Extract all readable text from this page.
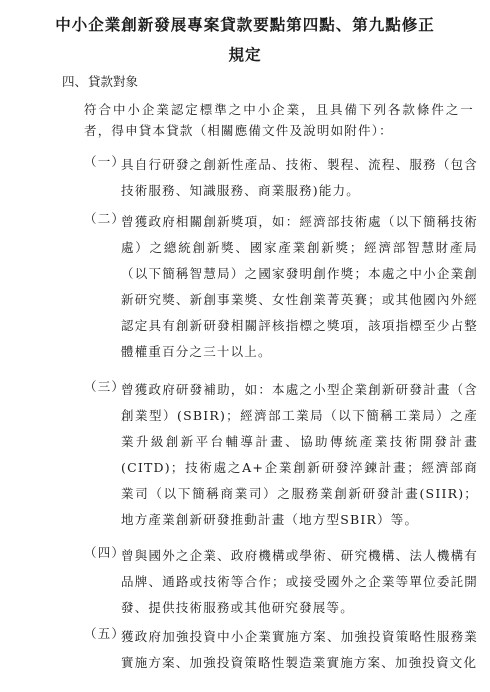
中小企業創新發展專案貸款要點第四點、第九點修正
規定
四、貸款對象
符合中小企業認定標準之中小企業，且具備下列各款條件之一者，得申貸本貸款（相關應備文件及說明如附件）：
（一）
具自行研發之創新性產品、技術、製程、流程、服務（包含技術服務、知識服務、商業服務)能力。
（二）
曾獲政府相關創新獎項，如：經濟部技術處（以下簡稱技術處）之總統創新獎、國家產業創新獎；經濟部智慧財產局（以下簡稱智慧局）之國家發明創作獎；本處之中小企業創新研究獎、新創事業獎、女性創業菁英賽；或其他國內外經認定具有創新研發相關評核指標之獎項，該項指標至少占整體權重百分之三十以上。
（三）
曾獲政府研發補助，如：本處之小型企業創新研發計畫（含創業型）(SBIR)；經濟部工業局（以下簡稱工業局）之產業升級創新平台輔導計畫、協助傳統產業技術開發計畫(CITD)；技術處之A+企業創新研發淬鍊計畫；經濟部商業司（以下簡稱商業司）之服務業創新研發計畫(SIIR)；地方產業創新研發推動計畫（地方型SBIR）等。
（四）
曾與國外之企業、政府機構或學術、研究機構、法人機構有品牌、通路或技術等合作；或接受國外之企業等單位委託開發、提供技術服務或其他研究發展等。
（五）
獲政府加強投資中小企業實施方案、加強投資策略性服務業實施方案、加強投資策略性製造業實施方案、加強投資文化
